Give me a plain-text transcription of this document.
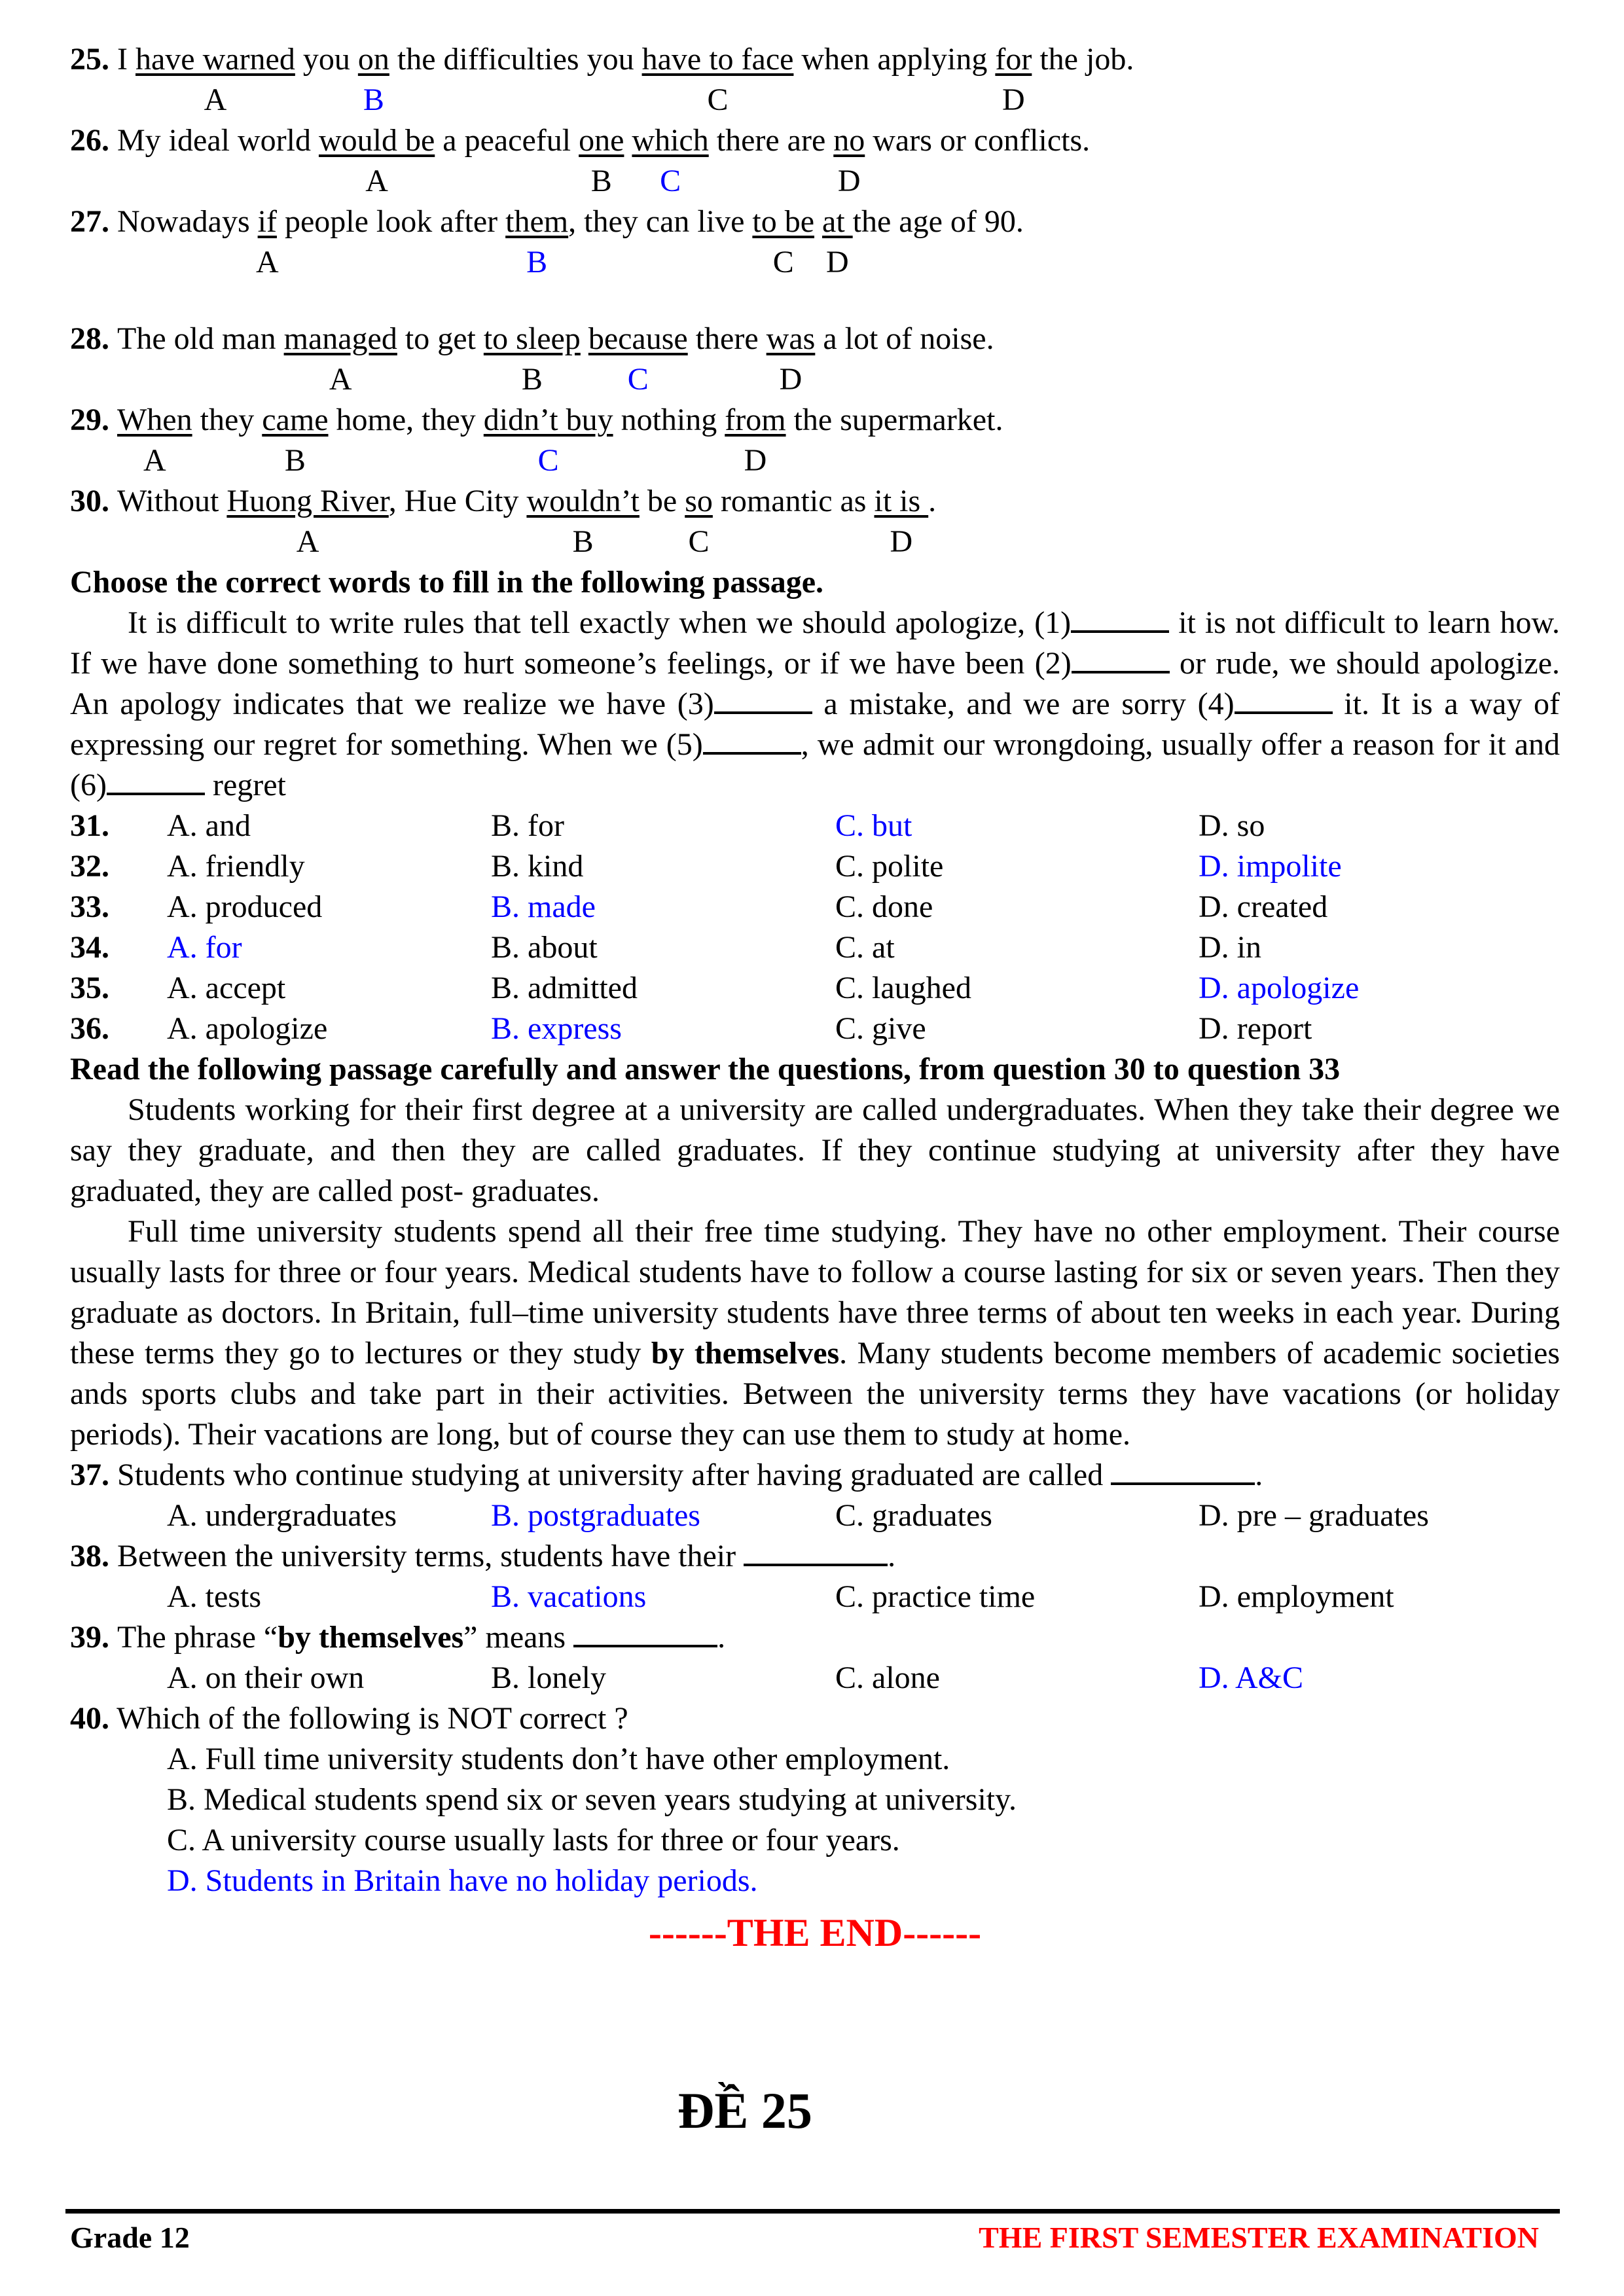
25. I have warned you on the difficulties you have to face when applying for the job.
A	B	C	D
26. My ideal world would be a peaceful one which there are no wars or conflicts.
A	B C	D
27. Nowadays if people look after them, they can live to be at the age of 90.
A	B	C D
28. The old man managed to get to sleep because there was a lot of noise.
A	B	C	D
29. When they came home, they didn’t buy nothing from the supermarket.
A	B	C	D
30. Without Huong River, Hue City wouldn’t be so romantic as it is .
A	B	C	D
Choose the correct words to fill in the following passage.
It is difficult to write rules that tell exactly when we should apologize, (1)	it is not difficult to learn how. If we have done something to hurt someone’s feelings, or if we have been (2)	or rude, we should apologize. An apology indicates that we realize we have (3)	a mistake, and we are sorry (4)	it. It is a way of expressing our regret for something. When we (5)	, we admit our wrongdoing, usually offer a reason for it and (6)	regret
31. A. and	B. for	C. but	D. so
32. A. friendly	B. kind	C. polite	D. impolite
33. A. produced	B. made	C. done	D. created
34. A. for	B. about	C. at	D. in
35. A. accept	B. admitted	C. laughed	D. apologize
36. A. apologize	B. express	C. give	D. report
Read the following passage carefully and answer the questions, from question 30 to question 33
Students working for their first degree at a university are called undergraduates. When they take their degree we say they graduate, and then they are called graduates. If they continue studying at university after they have graduated, they are called post- graduates.
Full time university students spend all their free time studying. They have no other employment. Their course usually lasts for three or four years. Medical students have to follow a course lasting for six or seven years. Then they graduate as doctors. In Britain, full–time university students have three terms of about ten weeks in each year. During these terms they go to lectures or they study by themselves. Many students become members of academic societies ands sports clubs and take part in their activities. Between the university terms they have vacations (or holiday periods). Their vacations are long, but of course they can use them to study at home.
37. Students who continue studying at university after having graduated are called	.
A. undergraduates	B. postgraduates	C. graduates	D. pre – graduates
38. Between the university terms, students have their	.
A. tests	B. vacations	C. practice time	D. employment
39. The phrase “by themselves” means	.
A. on their own	B. lonely	C. alone	D. A&C
40. Which of the following is NOT correct ?
A. Full time university students don’t have other employment.
B. Medical students spend six or seven years studying at university.
C. A university course usually lasts for three or four years.
D. Students in Britain have no holiday periods.
------THE END------
ĐỀ 25
Grade 12	THE FIRST SEMESTER EXAMINATION
